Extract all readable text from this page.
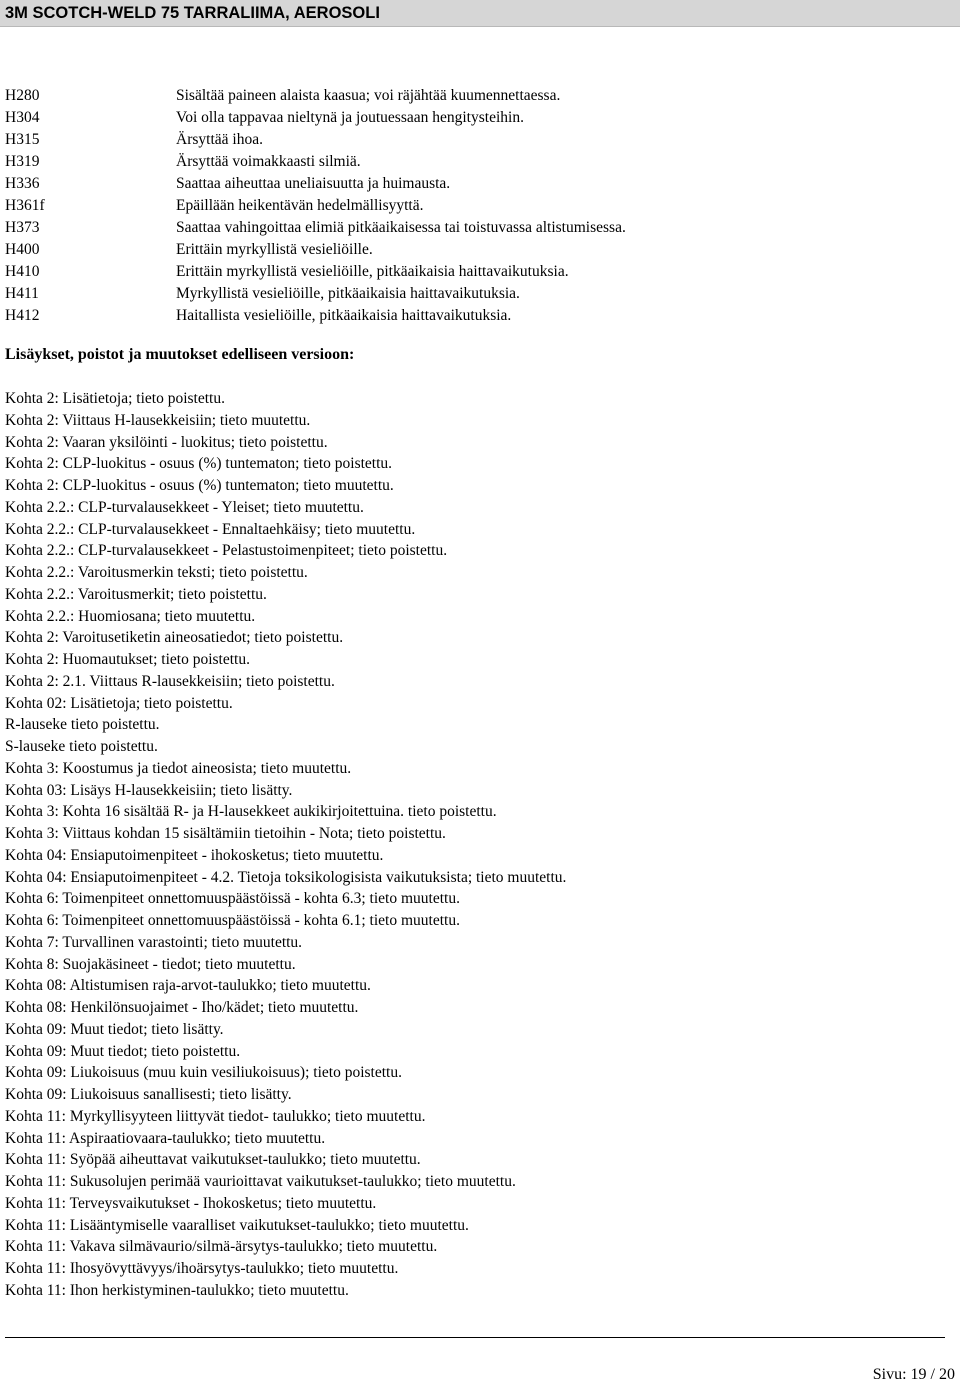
3M SCOTCH-WELD 75 TARRALIIMA, AEROSOLI
H280	Sisältää paineen alaista kaasua; voi räjähtää kuumennettaessa.
H304	Voi olla tappavaa nieltynä ja joutuessaan hengitysteihin.
H315	Ärsyttää ihoa.
H319	Ärsyttää voimakkaasti silmiä.
H336	Saattaa aiheuttaa uneliaisuutta ja huimausta.
H361f	Epäillään heikentävän hedelmällisyyttä.
H373	Saattaa vahingoittaa elimiä pitkäaikaisessa tai toistuvassa altistumisessa.
H400	Erittäin myrkyllistä vesieliöille.
H410	Erittäin myrkyllistä vesieliöille, pitkäaikaisia haittavaikutuksia.
H411	Myrkyllistä vesieliöille, pitkäaikaisia haittavaikutuksia.
H412	Haitallista vesieliöille, pitkäaikaisia haittavaikutuksia.
Lisäykset, poistot ja muutokset edelliseen versioon:
Kohta 2: Lisätietoja; tieto poistettu.
Kohta 2: Viittaus H-lausekkeisiin; tieto muutettu.
Kohta 2: Vaaran yksilöinti - luokitus; tieto poistettu.
Kohta 2: CLP-luokitus - osuus (%) tuntematon; tieto poistettu.
Kohta 2: CLP-luokitus - osuus (%) tuntematon; tieto muutettu.
Kohta 2.2.: CLP-turvalausekkeet - Yleiset; tieto muutettu.
Kohta 2.2.: CLP-turvalausekkeet - Ennaltaehkäisy; tieto muutettu.
Kohta 2.2.: CLP-turvalausekkeet - Pelastustoimenpiteet; tieto poistettu.
Kohta 2.2.: Varoitusmerkin teksti; tieto poistettu.
Kohta 2.2.: Varoitusmerkit; tieto poistettu.
Kohta 2.2.: Huomiosana; tieto muutettu.
Kohta 2: Varoitusetiketin aineosatiedot; tieto poistettu.
Kohta 2: Huomautukset; tieto poistettu.
Kohta 2: 2.1. Viittaus R-lausekkeisiin; tieto poistettu.
Kohta 02: Lisätietoja; tieto poistettu.
R-lauseke tieto poistettu.
S-lauseke tieto poistettu.
Kohta 3: Koostumus ja tiedot aineosista; tieto muutettu.
Kohta 03: Lisäys H-lausekkeisiin; tieto lisätty.
Kohta 3: Kohta 16 sisältää R- ja H-lausekkeet aukikirjoitettuina. tieto poistettu.
Kohta 3: Viittaus kohdan 15 sisältämiin tietoihin - Nota; tieto poistettu.
Kohta 04: Ensiaputoimenpiteet - ihokosketus; tieto muutettu.
Kohta 04: Ensiaputoimenpiteet - 4.2. Tietoja toksikologisista vaikutuksista; tieto muutettu.
Kohta 6: Toimenpiteet onnettomuuspäästöissä - kohta 6.3; tieto muutettu.
Kohta 6: Toimenpiteet onnettomuuspäästöissä - kohta 6.1; tieto muutettu.
Kohta 7: Turvallinen varastointi; tieto muutettu.
Kohta 8: Suojakäsineet - tiedot; tieto muutettu.
Kohta 08: Altistumisen raja-arvot-taulukko; tieto muutettu.
Kohta 08: Henkilönsuojaimet - Iho/kädet; tieto muutettu.
Kohta 09: Muut tiedot; tieto lisätty.
Kohta 09: Muut tiedot; tieto poistettu.
Kohta 09: Liukoisuus (muu kuin vesiliukoisuus); tieto poistettu.
Kohta 09: Liukoisuus sanallisesti; tieto lisätty.
Kohta 11: Myrkyllisyyteen liittyvät tiedot- taulukko; tieto muutettu.
Kohta 11: Aspiraatiovaara-taulukko; tieto muutettu.
Kohta 11: Syöpää aiheuttavat vaikutukset-taulukko; tieto muutettu.
Kohta 11: Sukusolujen perimää vaurioittavat vaikutukset-taulukko; tieto muutettu.
Kohta 11: Terveysvaikutukset - Ihokosketus; tieto muutettu.
Kohta 11: Lisääntymiselle vaaralliset vaikutukset-taulukko; tieto muutettu.
Kohta 11: Vakava silmävaurio/silmä-ärsytys-taulukko; tieto muutettu.
Kohta 11: Ihosyövyttävyys/ihoärsytys-taulukko; tieto muutettu.
Kohta 11: Ihon herkistyminen-taulukko; tieto muutettu.
Sivu: 19 / 20
